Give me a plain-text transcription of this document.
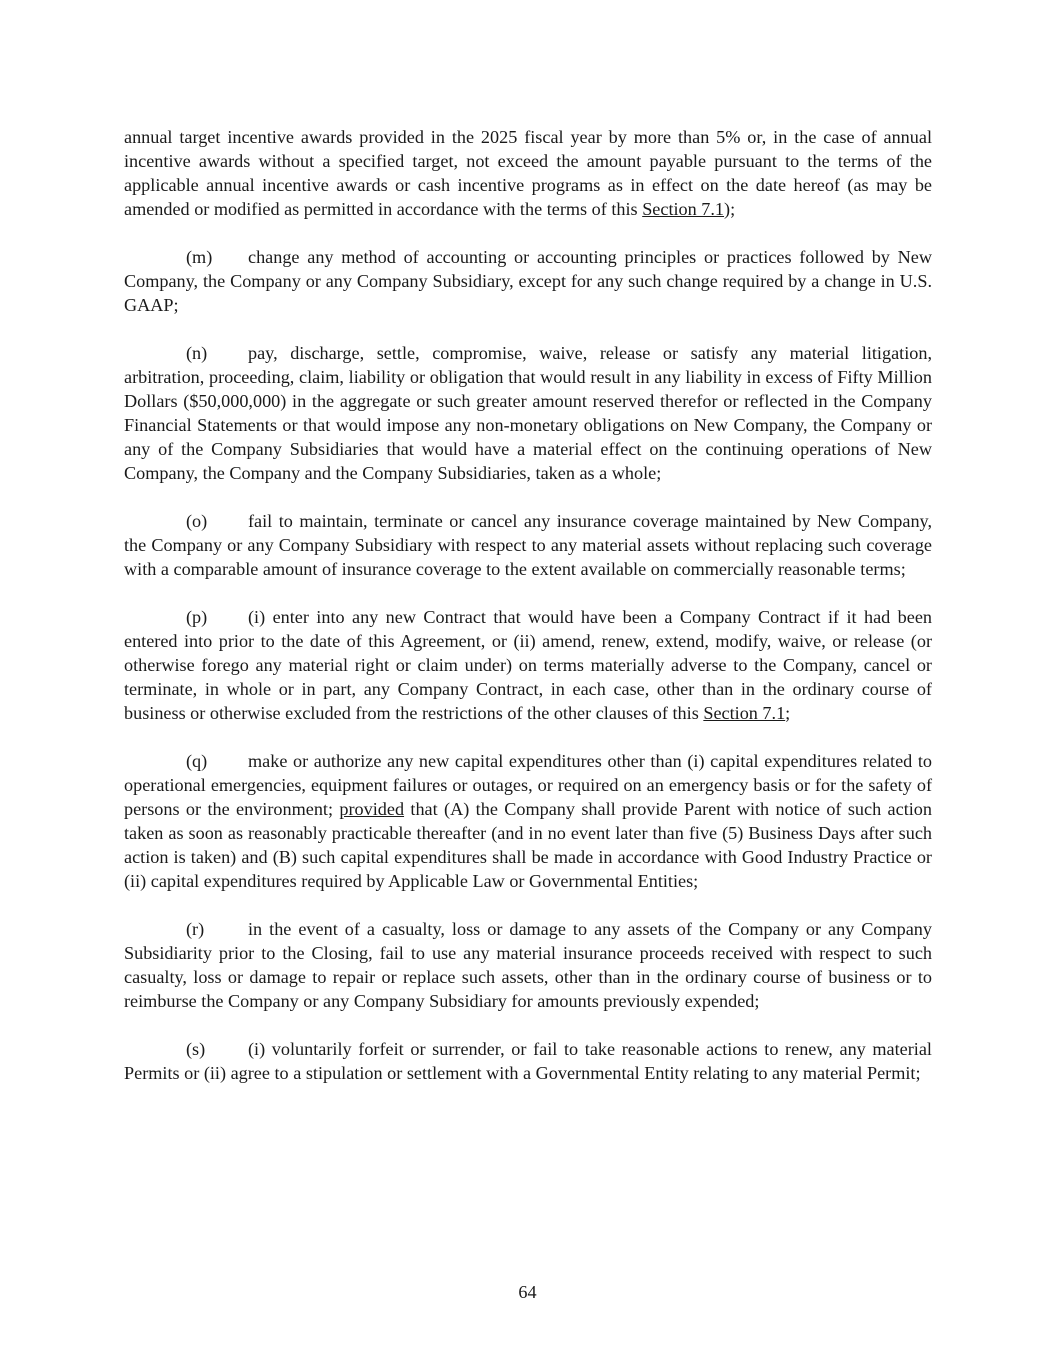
annual target incentive awards provided in the 2025 fiscal year by more than 5% or, in the case of annual incentive awards without a specified target, not exceed the amount payable pursuant to the terms of the applicable annual incentive awards or cash incentive programs as in effect on the date hereof (as may be amended or modified as permitted in accordance with the terms of this Section 7.1);

(m) change any method of accounting or accounting principles or practices followed by New Company, the Company or any Company Subsidiary, except for any such change required by a change in U.S. GAAP;

(n) pay, discharge, settle, compromise, waive, release or satisfy any material litigation, arbitration, proceeding, claim, liability or obligation that would result in any liability in excess of Fifty Million Dollars ($50,000,000) in the aggregate or such greater amount reserved therefor or reflected in the Company Financial Statements or that would impose any non-monetary obligations on New Company, the Company or any of the Company Subsidiaries that would have a material effect on the continuing operations of New Company, the Company and the Company Subsidiaries, taken as a whole;

(o) fail to maintain, terminate or cancel any insurance coverage maintained by New Company, the Company or any Company Subsidiary with respect to any material assets without replacing such coverage with a comparable amount of insurance coverage to the extent available on commercially reasonable terms;

(p) (i) enter into any new Contract that would have been a Company Contract if it had been entered into prior to the date of this Agreement, or (ii) amend, renew, extend, modify, waive, or release (or otherwise forego any material right or claim under) on terms materially adverse to the Company, cancel or terminate, in whole or in part, any Company Contract, in each case, other than in the ordinary course of business or otherwise excluded from the restrictions of the other clauses of this Section 7.1;

(q) make or authorize any new capital expenditures other than (i) capital expenditures related to operational emergencies, equipment failures or outages, or required on an emergency basis or for the safety of persons or the environment; provided that (A) the Company shall provide Parent with notice of such action taken as soon as reasonably practicable thereafter (and in no event later than five (5) Business Days after such action is taken) and (B) such capital expenditures shall be made in accordance with Good Industry Practice or (ii) capital expenditures required by Applicable Law or Governmental Entities;

(r) in the event of a casualty, loss or damage to any assets of the Company or any Company Subsidiarity prior to the Closing, fail to use any material insurance proceeds received with respect to such casualty, loss or damage to repair or replace such assets, other than in the ordinary course of business or to reimburse the Company or any Company Subsidiary for amounts previously expended;

(s) (i) voluntarily forfeit or surrender, or fail to take reasonable actions to renew, any material Permits or (ii) agree to a stipulation or settlement with a Governmental Entity relating to any material Permit;

64
